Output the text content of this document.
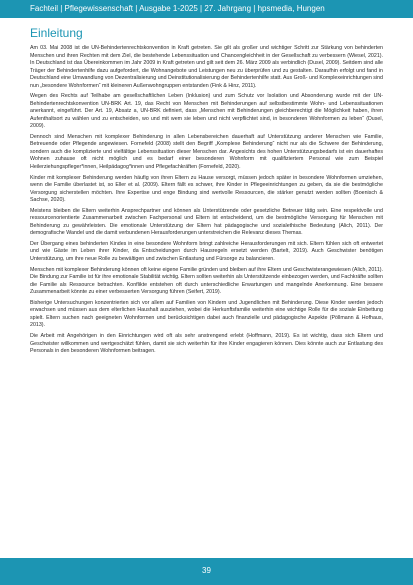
Fachteil | Pflegewissenschaft | Ausgabe 1-2025 | 27. Jahrgang | hpsmedia, Hungen
Einleitung

Am 03. Mai 2008 ist die UN-Behindertenrechtskonvention in Kraft getreten. Sie gilt als großer und wichtiger Schritt zur Stärkung von behinderten Menschen und ihren Rechten mit dem Ziel, die bestehende Lebenssituation und Chancengleichheit in der Gesellschaft zu verbessern (Wiesel, 2021). In Deutschland ist das Übereinkommen im Jahr 2009 in Kraft getreten und gilt seit dem 26. März 2009 als verbindlich (Dusel, 2009). Seitdem sind alle Träger der Behindertenhilfe dazu aufgefordert, die Wohnangebote und Leistungen neu zu überprüfen und zu gestalten. Daraufhin erfolgt und fand in Deutschland eine Umwandlung von Dezentralisierung und Deinstitutionalisierung der Behindertenhilfe statt. Aus Groß- und Komplexeinrichtungen sind nun „besondere Wohnformen“ mit kleineren Außenwohngruppen entstanden (Fink & Hinz, 2011).

Wegen des Rechts auf Teilhabe am gesellschaftlichen Leben (Inklusion) und zum Schutz vor Isolation und Absonderung wurde mit der UN-Behindertenrechtskonvention UN-BRK Art. 19, das Recht von Menschen mit Behinderungen auf selbstbestimmte Wohn- und Lebenssituationen anerkannt, eingeführt. Der Art. 19, Absatz a, UN-BRK definiert, dass „Menschen mit Behinderungen gleichberechtigt die Möglichkeit haben, ihren Aufenthaltsort zu wählen und zu entscheiden, wo und mit wem sie leben und nicht verpflichtet sind, in besonderen Wohnformen zu leben“ (Dusel, 2009).

Dennoch sind Menschen mit komplexer Behinderung in allen Lebensbereichen dauerhaft auf Unterstützung anderer Menschen wie Familie, Betreuende oder Pflegende angewiesen. Fornefeld (2008) stellt den Begriff „Komplexe Behinderung“ nicht nur als die Schwere der Behinderung, sondern auch die komplizierte und vielfältige Lebenssituation dieser Menschen dar. Angesichts des hohen Unterstützungsbedarfs ist ein dauerhaftes Wohnen zuhause oft nicht möglich und es bedarf einer besonderen Wohnform mit qualifiziertem Personal wie zum Beispiel Heilerziehungspfleger*innen, Heilpädagog*innen und Pflegefachkräften (Fornefeld, 2020).

Kinder mit komplexer Behinderung werden häufig von ihren Eltern zu Hause versorgt, müssen jedoch später in besondere Wohnformen umziehen, wenn die Familie überlastet ist, so Eller et al. (2009). Eltern fällt es schwer, ihre Kinder in Pflegeeinrichtungen zu geben, da sie die bestmögliche Versorgung sicherstellen möchten. Ihre Expertise und enge Bindung sind wertvolle Ressourcen, die stärker genutzt werden sollten (Boenisch & Sachse, 2020).

Meistens bleiben die Eltern weiterhin Ansprechpartner und können als Unterstützende oder gesetzliche Betreuer tätig sein. Eine respektvolle und ressourcenorientierte Zusammenarbeit zwischen Fachpersonal und Eltern ist entscheidend, um die bestmögliche Versorgung für Menschen mit Behinderung zu gewährleisten. Die emotionale Unterstützung der Eltern hat pädagogische und sozialethische Bedeutung (Alich, 2011). Der demografische Wandel und die damit verbundenen Herausforderungen unterstreichen die Relevanz dieses Themas.

Der Übergang eines behinderten Kindes in eine besondere Wohnform bringt zahlreiche Herausforderungen mit sich. Eltern fühlen sich oft entwertet und wie Gäste im Leben ihrer Kinder, da Entscheidungen durch Hausregeln ersetzt werden (Bartelt, 2019). Auch Geschwister benötigen Unterstützung, um ihre neue Rolle zu bewältigen und zwischen Entlastung und Fürsorge zu balancieren.

Menschen mit komplexer Behinderung können oft keine eigene Familie gründen und bleiben auf ihre Eltern und Geschwisterangewiesen (Alich, 2011). Die Bindung zur Familie ist für ihre emotionale Stabilität wichtig. Eltern sollten weiterhin als Unterstützende einbezogen werden, und Fachkräfte sollten die Familie als Ressource betrachten. Konflikte entstehen oft durch unterschiedliche Erwartungen und mangelnde Anerkennung. Eine bessere Zusammenarbeit könnte zu einer verbesserten Versorgung führen (Seifert, 2019).

Bisherige Untersuchungen konzentrierten sich vor allem auf Familien von Kindern und Jugendlichen mit Behinderung. Diese Kinder werden jedoch erwachsen und müssen aus dem elterlichen Haushalt ausziehen, wobei die Herkunftsfamilie weiterhin eine wichtige Rolle für die soziale Einbettung spielt. Eltern suchen nach geeigneten Wohnformen und berücksichtigen dabei auch finanzielle und pädagogische Aspekte (Pöllmann & Hofhaus, 2013).

Die Arbeit mit Angehörigen in den Einrichtungen wird oft als sehr anstrengend erlebt (Hoffmann, 2019). Es ist wichtig, dass sich Eltern und Geschwister willkommen und wertgeschätzt fühlen, damit sie sich weiterhin für ihre Kinder engagieren können. Dies könnte auch zur Entlastung des Personals in den besonderen Wohnformen beitragen.

39
